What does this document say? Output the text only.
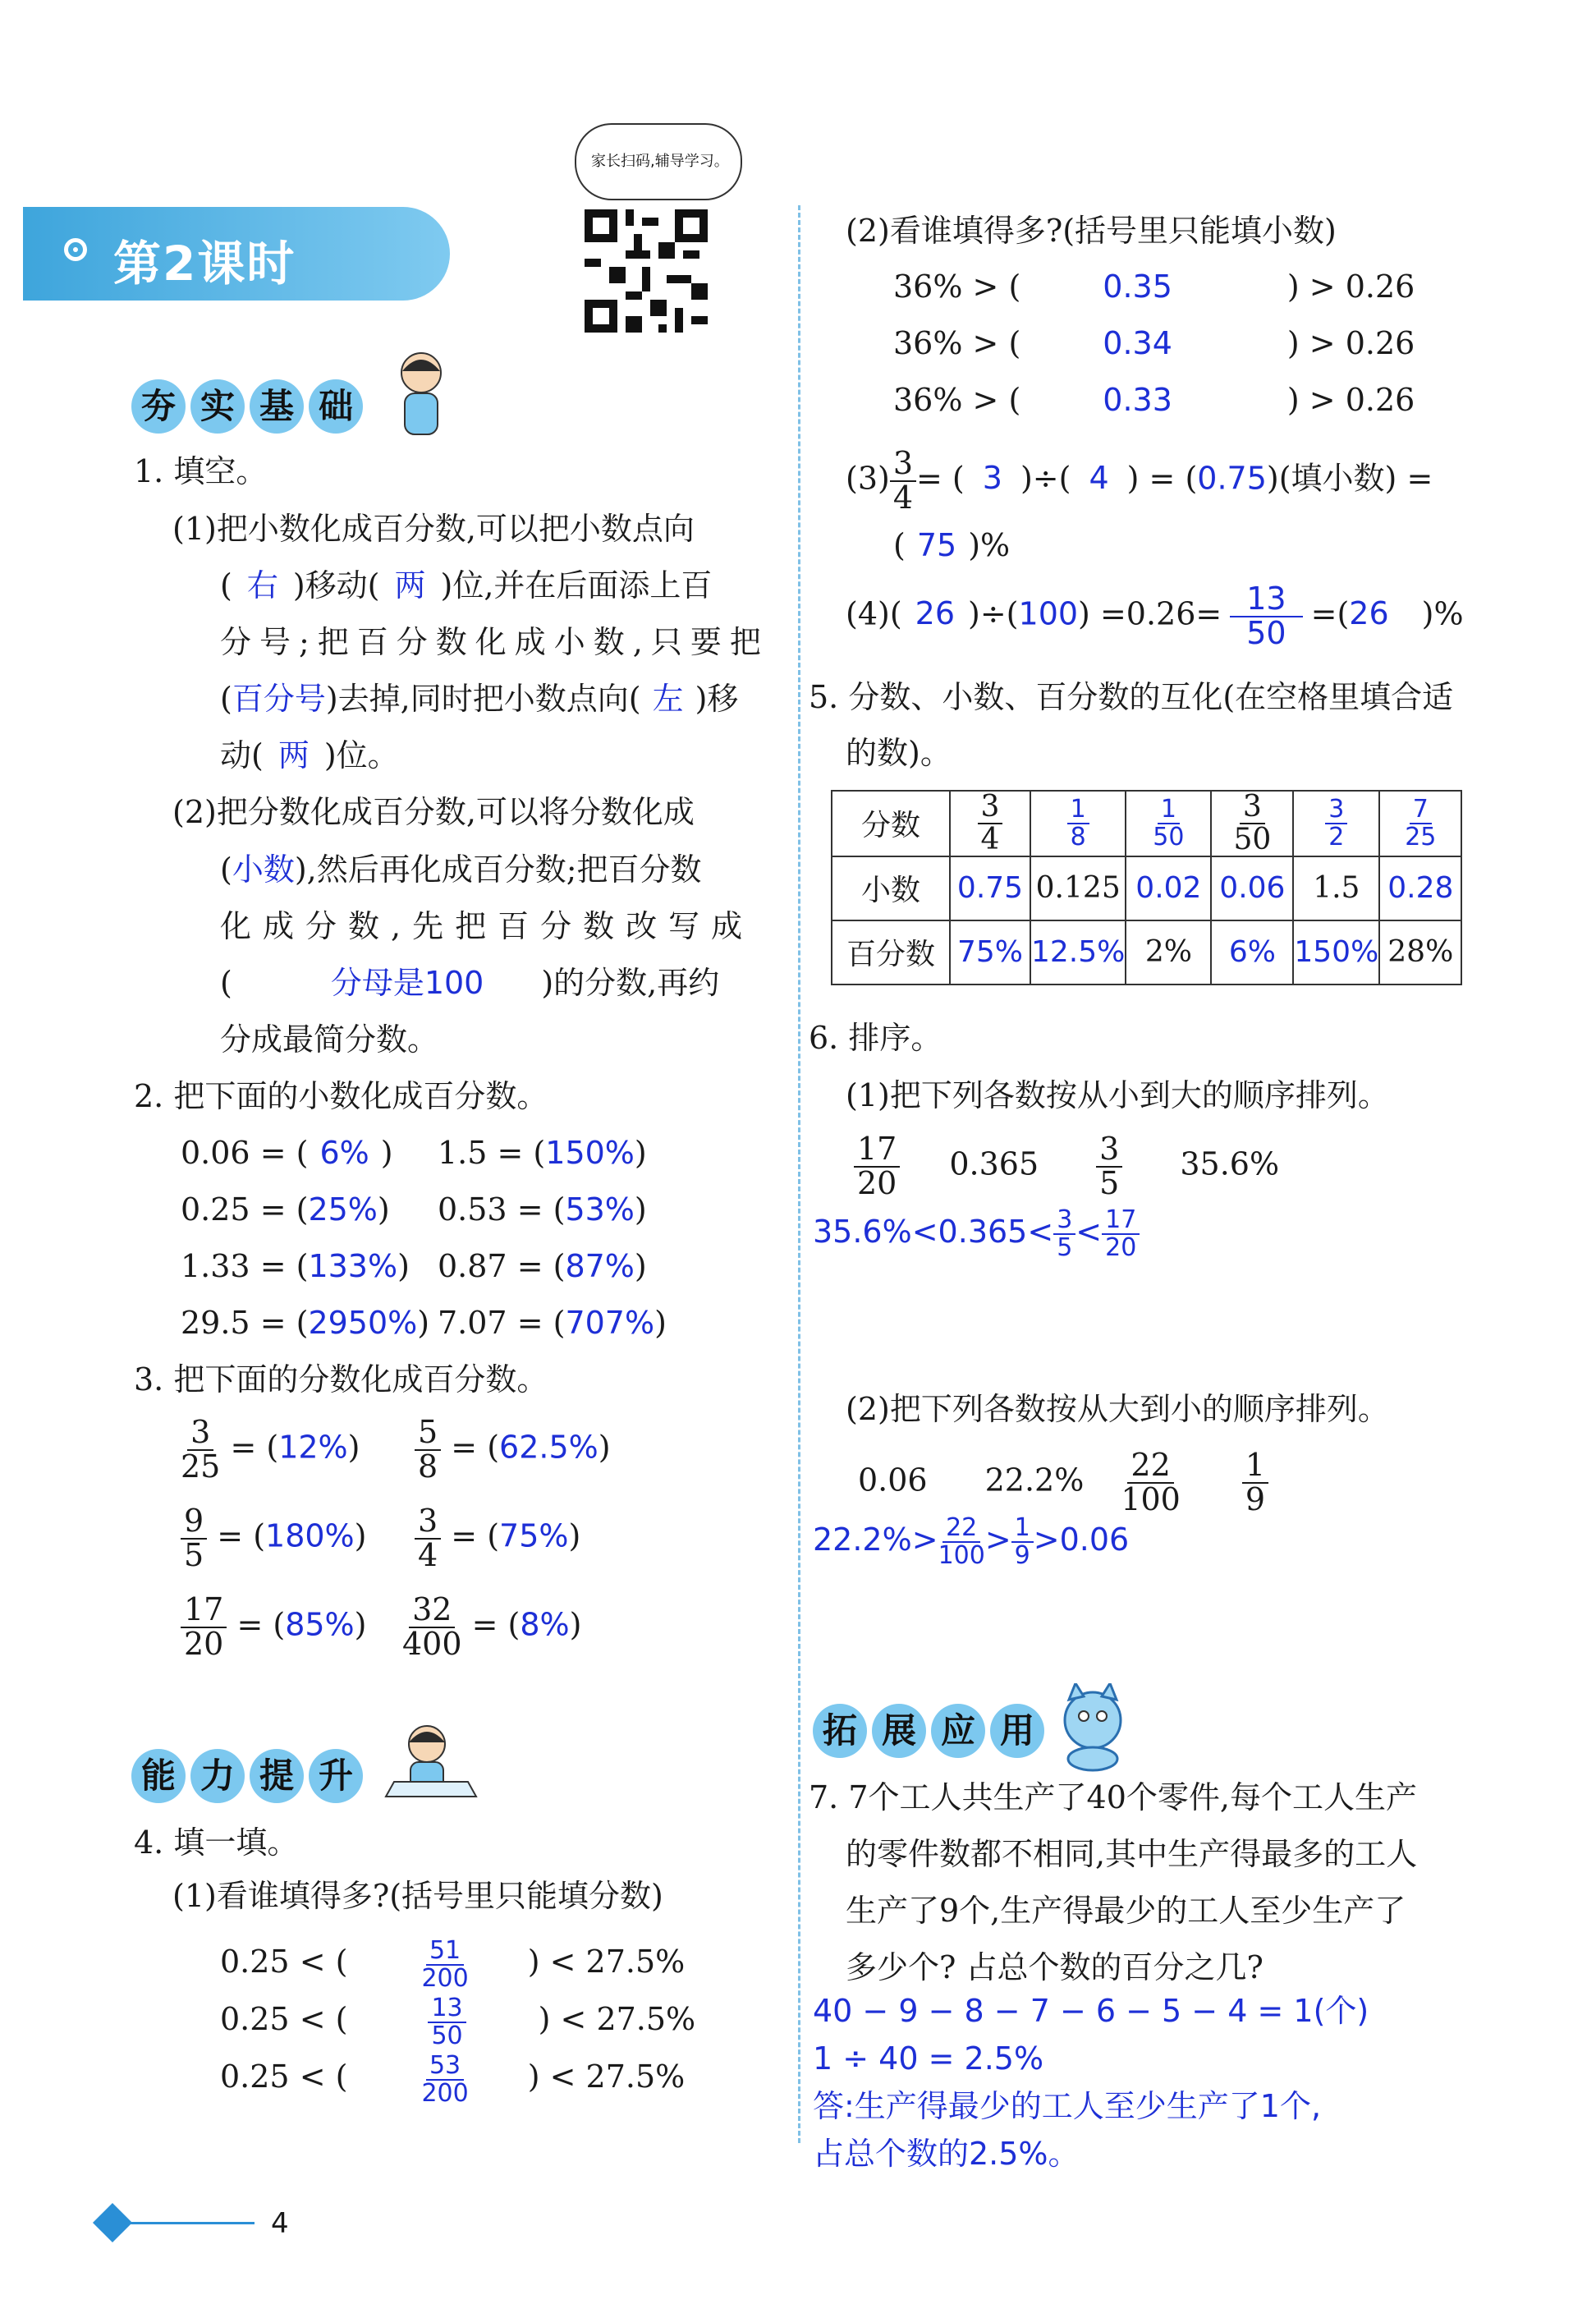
家长扫码,辅导学习。
第2课时
夯 实 基 础
1. 填空。
(1)把小数化成百分数,可以把小数点向
( 右 )移动( 两 )位,并在后面添上百
分号;把百分数化成小数,只要把
(百分号)去掉,同时把小数点向( 左 )移
动( 两 )位。
(2)把分数化成百分数,可以将分数化成
(小数),然后再化成百分数;把百分数
化成分数,先把百分数改写成
(	分母是100 )的分数,再约
分成最简分数。
2. 把下面的小数化成百分数。
0.06 = ( 6% ) 1.5 = (150%)
0.25 = (25%) 0.53 = (53%)
1.33 = (133%) 0.87 = (87%)
29.5 = (2950%) 7.07 = (707%)
3. 把下面的分数化成百分数。
$\frac{3}{25} = (12\%) \frac{5}{8} = (62.5\%)$
$\frac{9}{5} = (180\%) \frac{3}{4} = (75\%)$
$\frac{17}{20} = (85\%) \frac{32}{400} = (8\%)$
能 力 提 升
4. 填一填。
(1)看谁填得多?(括号里只能填分数)
0.25 < (	$\frac{51}{200}$ ) < 27.5%
0.25 < (	$\frac{13}{50}$ ) < 27.5%
0.25 < (	$\frac{53}{200}$ ) < 27.5%
(2)看谁填得多?(括号里只能填小数)
36% > (	0.35	) > 0.26
36% > (	0.34	) > 0.26
36% > (	0.33	) > 0.26
$(3) \frac{3}{4}$ = ( 3 )÷( 4 ) = (0.75)(填小数) =
( 75 )%
(4)( 26 )$\div(100) =0.26= \frac{13}{50} =(26$ )%
5. 分数、小数、百分数的互化(在空格里填合适
的数)。
分数	$\frac{3}{4}$	$\frac{1}{8}$	$\frac{1}{50}$	$\frac{3}{50}$	$\frac{3}{2}$	$\frac{7}{25}$

小数	0.75	0.125	0.02	0.06	1.5	0.28
百分数	75%	12.5%	2%	6%	150%	28%
6. 排序。
(1)把下列各数按从小到大的顺序排列。
$\frac{17}{20} 0.365 \frac{3}{5} 35.6\%$
$35.6\%<0.365< \frac{3}{5} < \frac{17}{20}$
(2)把下列各数按从大到小的顺序排列。
0.06 $22.2\% \frac{22}{100} \frac{1}{9}$
$22.2\%> \frac{22}{100} > \frac{1}{9} >0.06$
拓 展 应 用
7. 7个工人共生产了40个零件,每个工人生产
的零件数都不相同,其中生产得最多的工人
生产了9个,生产得最少的工人至少生产了
多少个? 占总个数的百分之几?
40 − 9 − 8 − 7 − 6 − 5 − 4 = 1(个)
1 ÷ 40 = 2.5%
答:生产得最少的工人至少生产了1个,
占总个数的2.5%。
4
